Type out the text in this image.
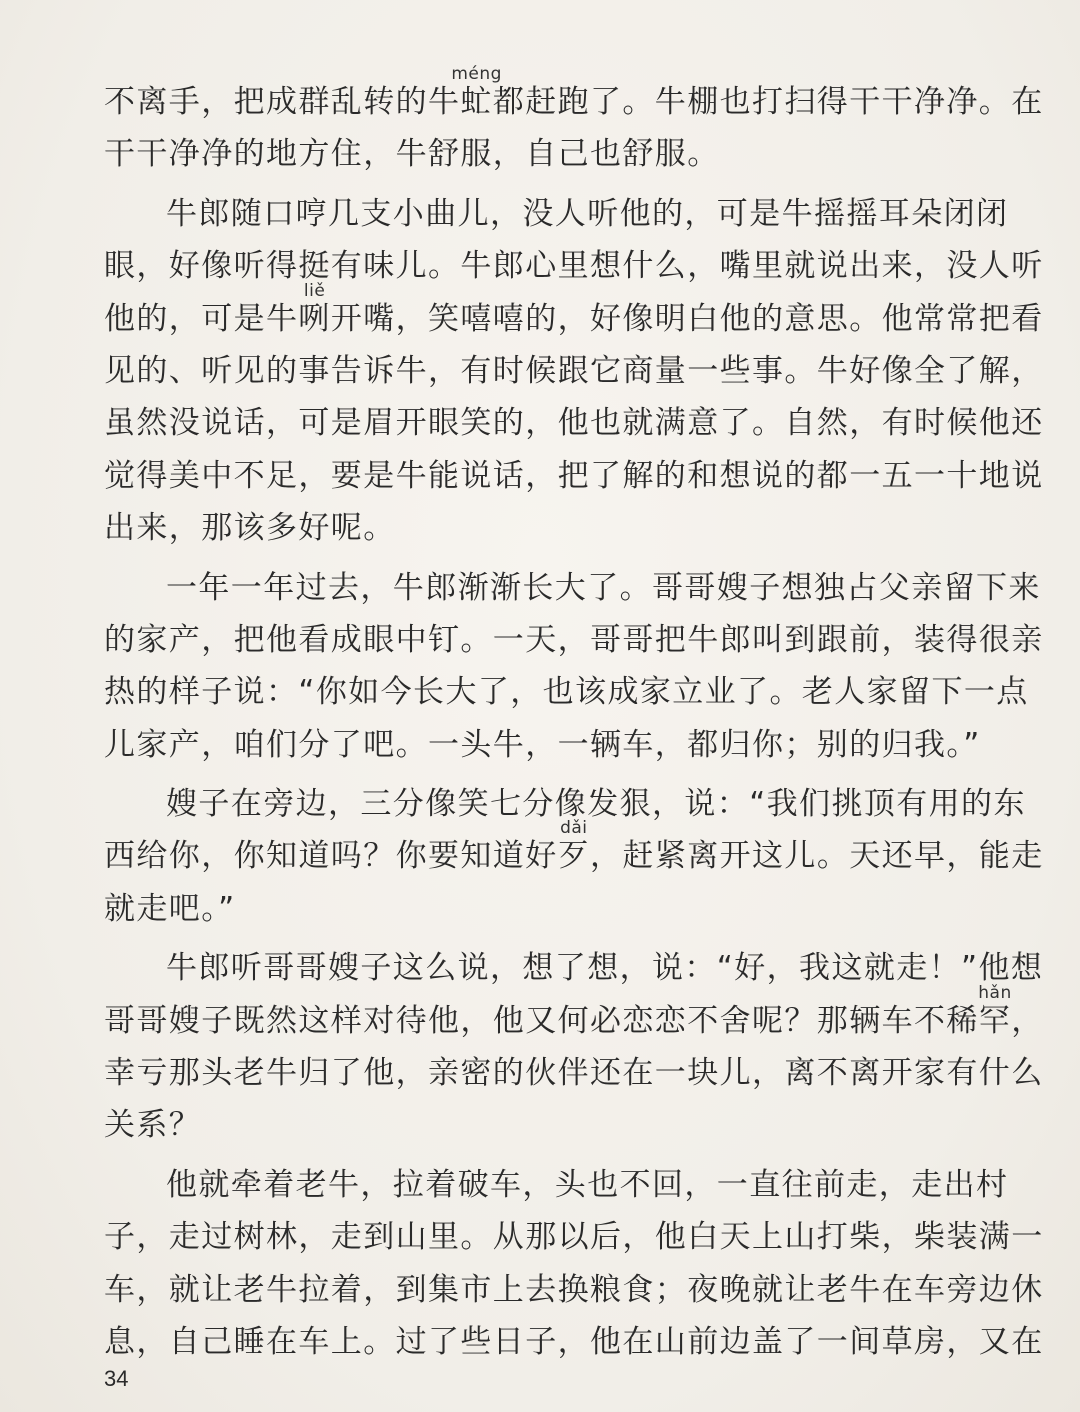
不离手，把成群乱转的牛
méng
虻都赶跑了。牛棚也打扫得干干净净。在
干干净净的地方住，牛舒服，自己也舒服。
牛郎随口哼几支小曲儿，没人听他的，可是牛摇摇耳朵闭闭
眼，好像听得挺有味儿。牛郎心里想什么，嘴里就说出来，没人听
他的，可是牛
liě
咧开嘴，笑嘻嘻的，好像明白他的意思。他常常把看
见的、听见的事告诉牛，有时候跟它商量一些事。牛好像全了解，
虽然没说话，可是眉开眼笑的，他也就满意了。自然，有时候他还
觉得美中不足，要是牛能说话，把了解的和想说的都一五一十地说
出来，那该多好呢。
一年一年过去，牛郎渐渐长大了。哥哥嫂子想独占父亲留下来
的家产，把他看成眼中钉。一天，哥哥把牛郎叫到跟前，装得很亲
热的样子说：“你如今长大了，也该成家立业了。老人家留下一点
儿家产，咱们分了吧。一头牛，一辆车，都归你；别的归我。”
嫂子在旁边，三分像笑七分像发狠，说：“我们挑顶有用的东
西给你，你知道吗？你要知道好
dǎi
歹，赶紧离开这儿。天还早，能走
就走吧。”
牛郎听哥哥嫂子这么说，想了想，说：“好，我这就走！”他想
哥哥嫂子既然这样对待他，他又何必恋恋不舍呢？那辆车不稀
hǎn
罕，
幸亏那头老牛归了他，亲密的伙伴还在一块儿，离不离开家有什么
关系？
他就牵着老牛，拉着破车，头也不回，一直往前走，走出村
子，走过树林，走到山里。从那以后，他白天上山打柴，柴装满一
车，就让老牛拉着，到集市上去换粮食；夜晚就让老牛在车旁边休
息，自己睡在车上。过了些日子，他在山前边盖了一间草房，又在
34
